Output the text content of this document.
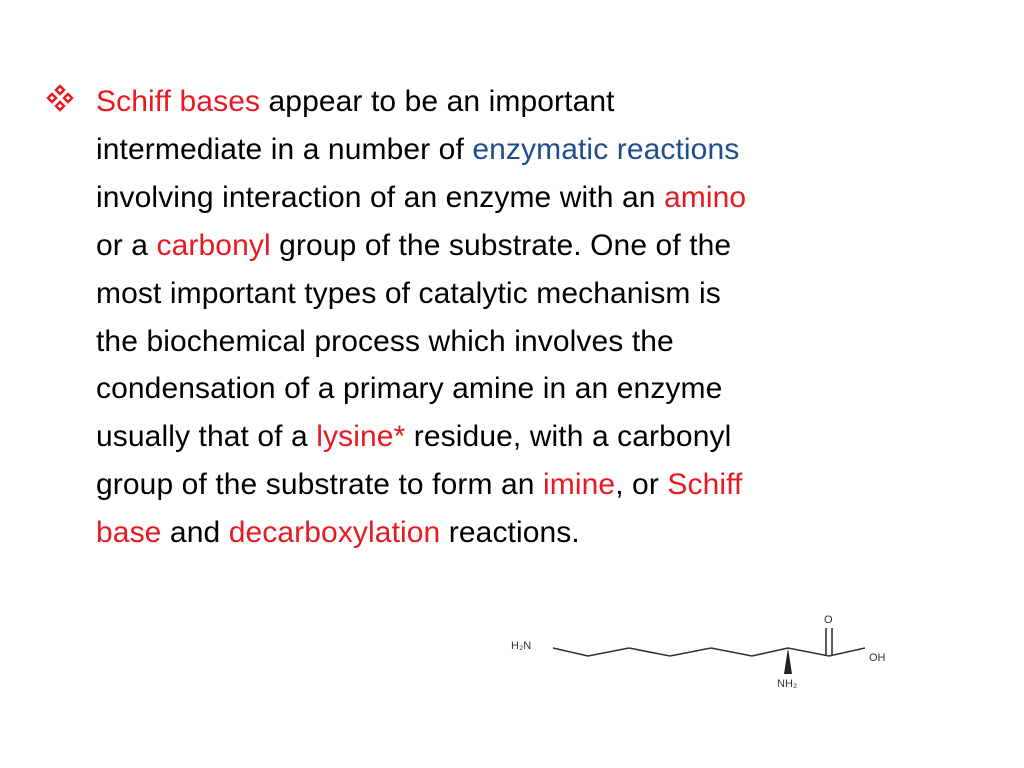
Schiff bases appear to be an important
intermediate in a number of enzymatic reactions
involving interaction of an enzyme with an amino
or a carbonyl group of the substrate. One of the
most important types of catalytic mechanism is
the biochemical process which involves the
condensation of a primary amine in an enzyme
usually that of a lysine* residue, with a carbonyl
group of the substrate to form an imine, or Schiff
base and decarboxylation reactions.
H₂N
O
OH
NH₂
